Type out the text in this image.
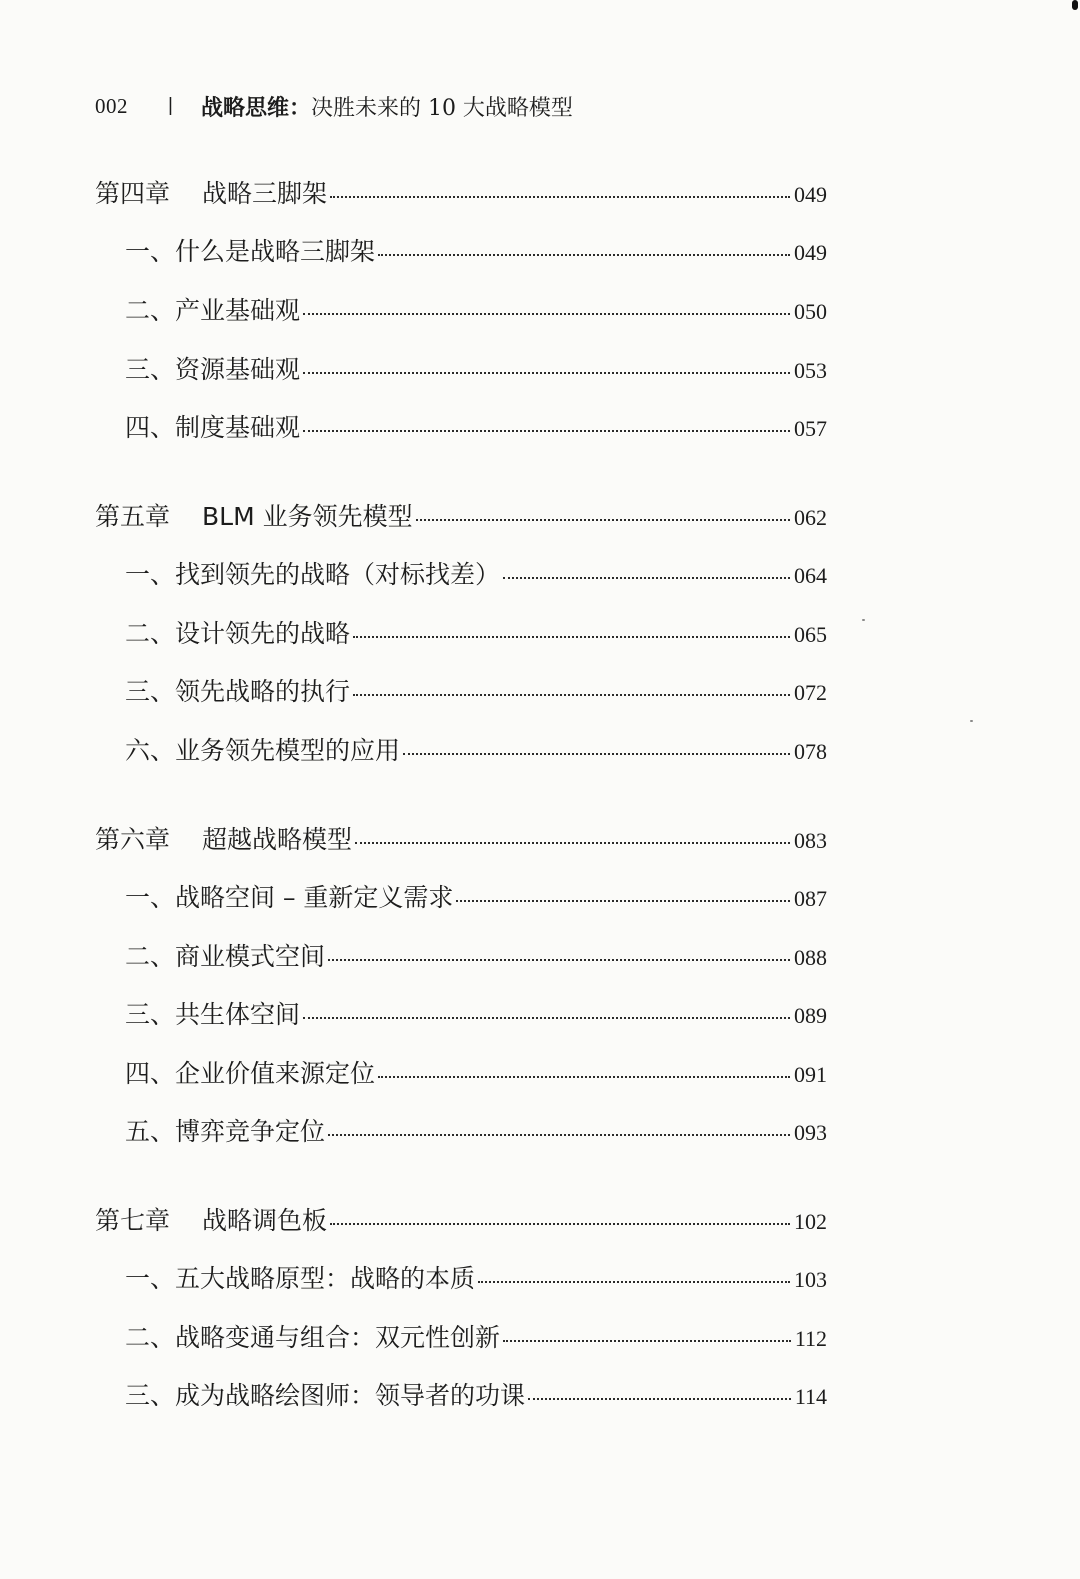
002 | 战略思维： 决胜未来的 10 大战略模型
第四章 战略三脚架	049
一、什么是战略三脚架	049
二、产业基础观	050
三、资源基础观	053
四、制度基础观	057
第五章 BLM 业务领先模型	062
一、找到领先的战略（对标找差）	064
二、设计领先的战略	065
三、领先战略的执行	072
六、业务领先模型的应用	078
第六章 超越战略模型	083
一、战略空间 – 重新定义需求	087
二、商业模式空间	088
三、共生体空间	089
四、企业价值来源定位	091
五、博弈竞争定位	093
第七章 战略调色板	102
一、五大战略原型：战略的本质	103
二、战略变通与组合：双元性创新	112
三、成为战略绘图师：领导者的功课	114
